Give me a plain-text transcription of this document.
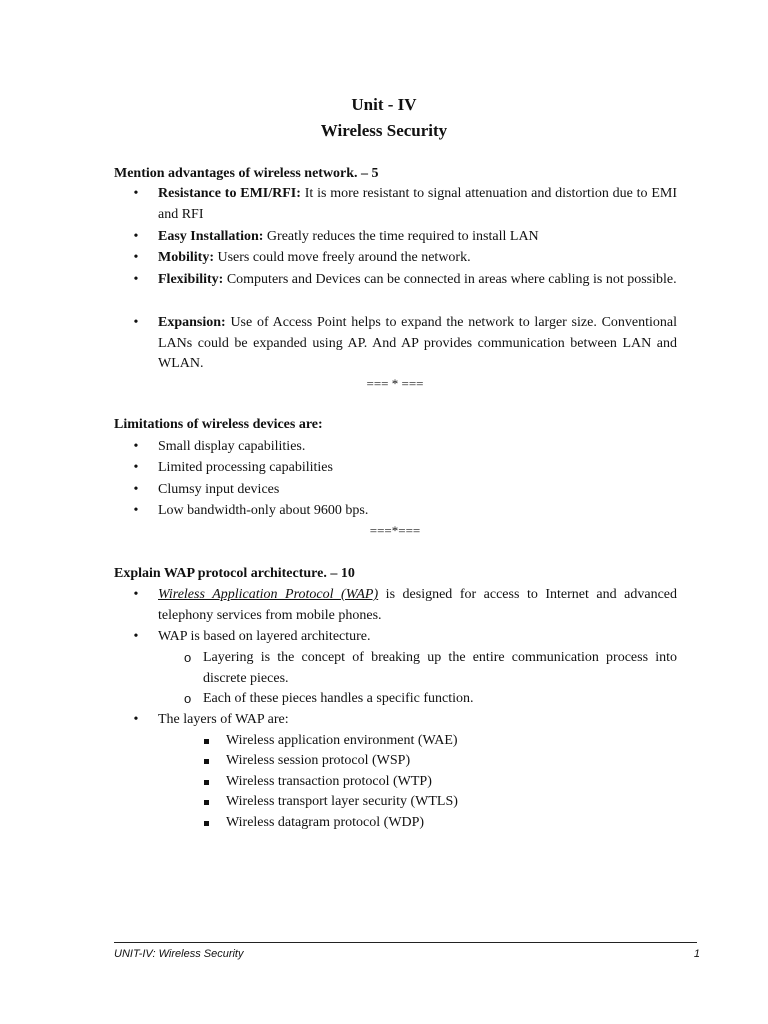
Unit - IV
Wireless Security
Mention advantages of wireless network. – 5
• Resistance to EMI/RFI: It is more resistant to signal attenuation and distortion due to EMI and RFI
• Easy Installation: Greatly reduces the time required to install LAN
• Mobility: Users could move freely around the network.
• Flexibility: Computers and Devices can be connected in areas where cabling is not possible.
• Expansion: Use of Access Point helps to expand the network to larger size. Conventional LANs could be expanded using AP. And AP provides communication between LAN and WLAN.
=== * ===
Limitations of wireless devices are:
• Small display capabilities.
• Limited processing capabilities
• Clumsy input devices
• Low bandwidth-only about 9600 bps.
===*===
Explain WAP protocol architecture. – 10
• Wireless Application Protocol (WAP) is designed for access to Internet and advanced telephony services from mobile phones.
• WAP is based on layered architecture.
o Layering is the concept of breaking up the entire communication process into discrete pieces.
o Each of these pieces handles a specific function.
• The layers of WAP are:
Wireless application environment (WAE)
Wireless session protocol (WSP)
Wireless transaction protocol (WTP)
Wireless transport layer security (WTLS)
Wireless datagram protocol (WDP)
UNIT-IV: Wireless Security	1
